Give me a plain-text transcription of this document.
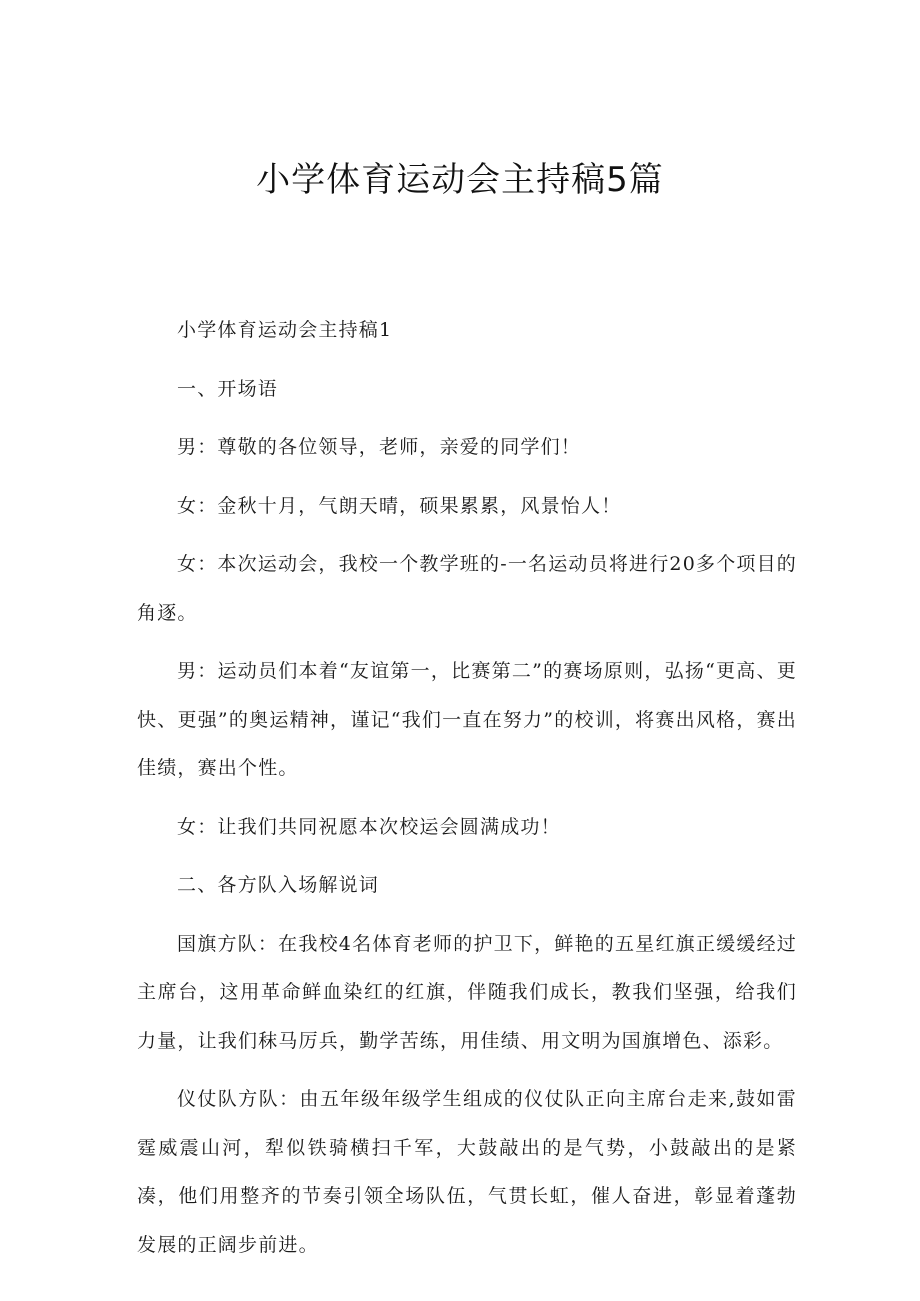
小学体育运动会主持稿5篇

小学体育运动会主持稿1

一、开场语

男：尊敬的各位领导，老师，亲爱的同学们！

女：金秋十月，气朗天晴，硕果累累，风景怡人！

女：本次运动会，我校一个教学班的-一名运动员将进行20多个项目的角逐。

男：运动员们本着“友谊第一，比赛第二”的赛场原则，弘扬“更高、更快、更强”的奥运精神，谨记“我们一直在努力”的校训，将赛出风格，赛出佳绩，赛出个性。

女：让我们共同祝愿本次校运会圆满成功！

二、各方队入场解说词

国旗方队：在我校4名体育老师的护卫下，鲜艳的五星红旗正缓缓经过主席台，这用革命鲜血染红的红旗，伴随我们成长，教我们坚强，给我们力量，让我们秣马厉兵，勤学苦练，用佳绩、用文明为国旗增色、添彩。

仪仗队方队：由五年级年级学生组成的仪仗队正向主席台走来,鼓如雷霆威震山河，犁似铁骑横扫千军，大鼓敲出的是气势，小鼓敲出的是紧凑，他们用整齐的节奏引领全场队伍，气贯长虹，催人奋进，彰显着蓬勃发展的正阔步前进。
